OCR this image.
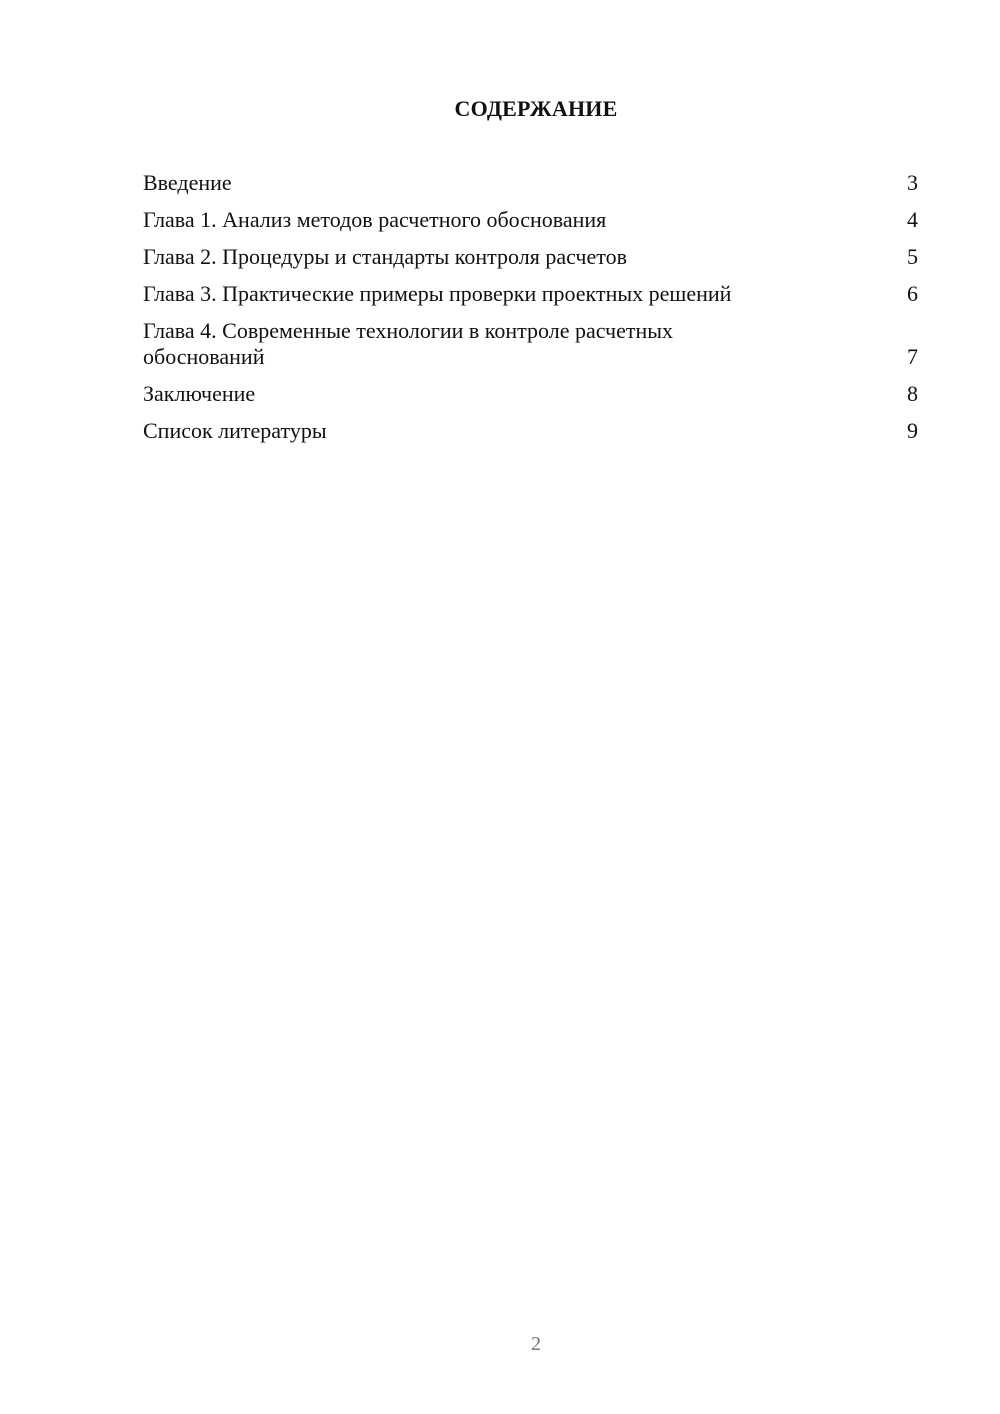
СОДЕРЖАНИЕ
Введение	3
Глава 1. Анализ методов расчетного обоснования	4
Глава 2. Процедуры и стандарты контроля расчетов	5
Глава 3. Практические примеры проверки проектных решений	6
Глава 4. Современные технологии в контроле расчетных обоснований	7
Заключение	8
Список литературы	9
2
